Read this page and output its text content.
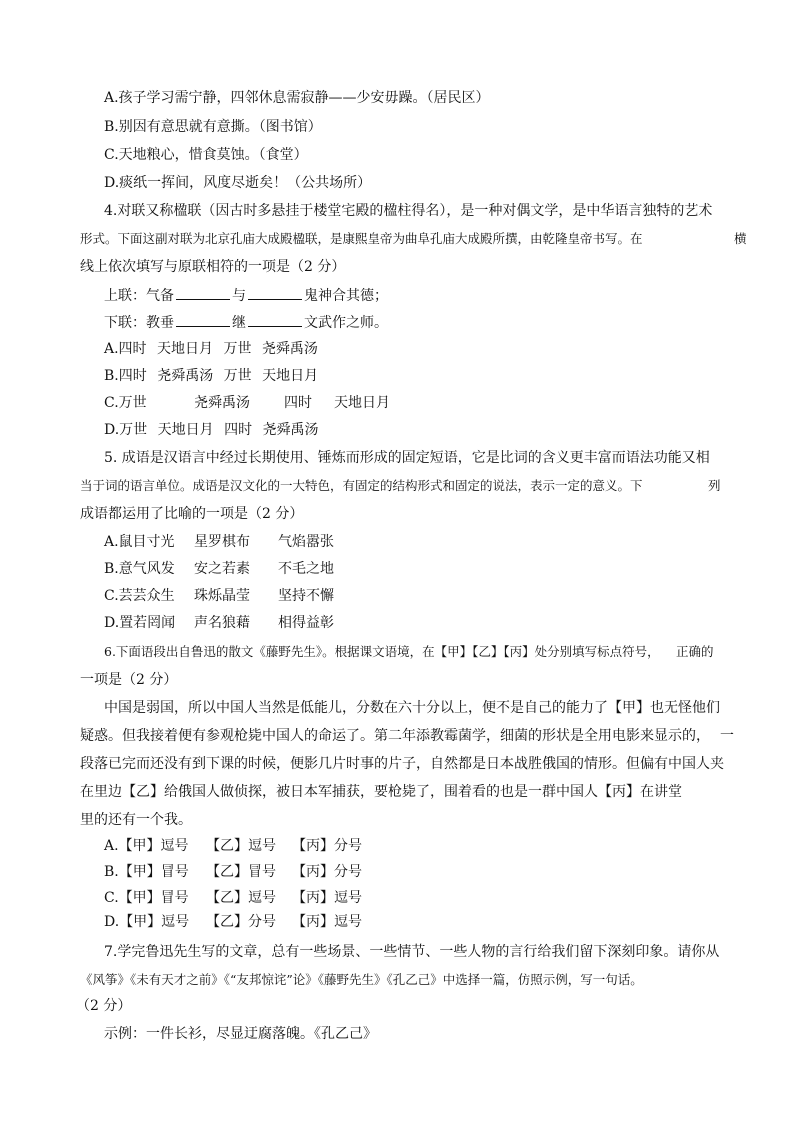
A.孩子学习需宁静，四邻休息需寂静——少安毋躁。（居民区）
B.别因有意思就有意撕。（图书馆）
C.天地粮心，惜食莫蚀。（食堂）
D.痰纸一挥间，风度尽逝矣！（公共场所）
4.对联又称楹联（因古时多悬挂于楼堂宅殿的楹柱得名），是一种对偶文学，是中华语言独特的艺术
形式。下面这副对联为北京孔庙大成殿楹联，是康熙皇帝为曲阜孔庙大成殿所撰，由乾隆皇帝书写。在	横
线上依次填写与原联相符的一项是（2 分）
上联：气备	与	鬼神合其德；
下联：教垂	继	文武作之师。
A.四时 天地日月 万世 尧舜禹汤
B.四时 尧舜禹汤 万世 天地日月
C.万世	尧舜禹汤 四时 天地日月
D.万世 天地日月 四时 尧舜禹汤
5. 成语是汉语言中经过长期使用、锤炼而形成的固定短语，它是比词的含义更丰富而语法功能又相
当于词的语言单位。成语是汉文化的一大特色，有固定的结构形式和固定的说法，表示一定的意义。下	列
成语都运用了比喻的一项是（2 分）
A.鼠目寸光 星罗棋布 气焰嚣张
B.意气风发 安之若素 不毛之地
C.芸芸众生 珠烁晶莹 坚持不懈
D.置若罔闻 声名狼藉 相得益彰
6.下面语段出自鲁迅的散文《藤野先生》。根据课文语境，在【甲】【乙】【丙】处分别填写标点符号， 正确的
一项是（2 分）
中国是弱国，所以中国人当然是低能儿，分数在六十分以上，便不是自己的能力了【甲】也无怪他们
疑惑。但我接着便有参观枪毙中国人的命运了。第二年添教霉菌学，细菌的形状是全用电影来显示的， 一
段落已完而还没有到下课的时候，便影几片时事的片子，自然都是日本战胜俄国的情形。但偏有中国人夹
在里边【乙】给俄国人做侦探，被日本军捕获，要枪毙了，围着看的也是一群中国人【丙】在讲堂
里的还有一个我。
A.【甲】逗号 【乙】逗号 【丙】分号
B.【甲】冒号 【乙】冒号 【丙】分号
C.【甲】冒号 【乙】逗号 【丙】逗号
D.【甲】逗号 【乙】分号 【丙】逗号
7.学完鲁迅先生写的文章，总有一些场景、一些情节、一些人物的言行给我们留下深刻印象。请你从
《风筝》《未有天才之前》《“友邦惊诧”论》《藤野先生》《孔乙己》中选择一篇，仿照示例，写一句话。
（2 分）
示例：一件长衫，尽显迂腐落魄。《孔乙己》
